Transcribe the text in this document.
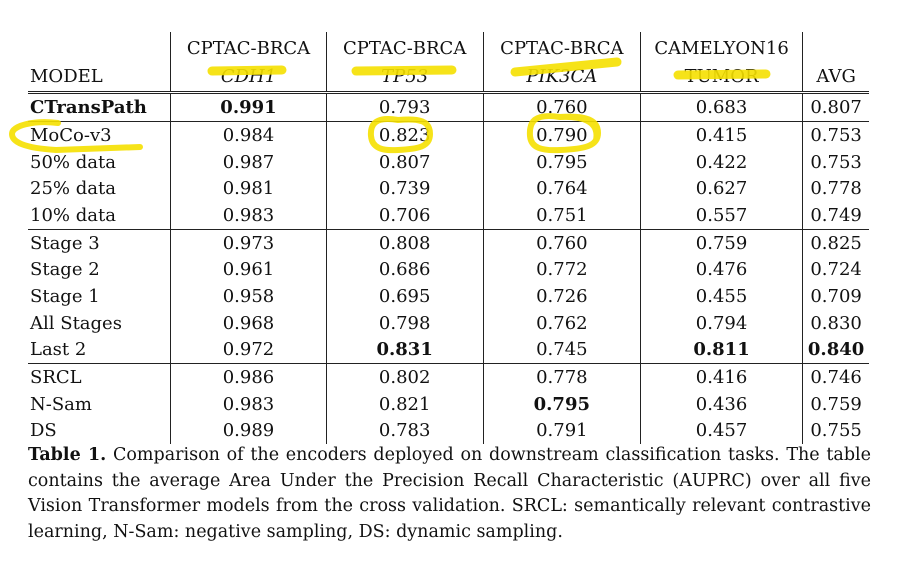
	CPTAC-BRCA	CPTAC-BRCA	CPTAC-BRCA	CAMELYON16	
MODEL	CDH1	TP53	PIK3CA	TUMOR	AVG
CTransPath	0.991	0.793	0.760	0.683	0.807
MoCo-v3	0.984	0.823	0.790	0.415	0.753
50% data	0.987	0.807	0.795	0.422	0.753
25% data	0.981	0.739	0.764	0.627	0.778
10% data	0.983	0.706	0.751	0.557	0.749
Stage 3	0.973	0.808	0.760	0.759	0.825
Stage 2	0.961	0.686	0.772	0.476	0.724
Stage 1	0.958	0.695	0.726	0.455	0.709
All Stages	0.968	0.798	0.762	0.794	0.830
Last 2	0.972	0.831	0.745	0.811	0.840
SRCL	0.986	0.802	0.778	0.416	0.746
N-Sam	0.983	0.821	0.795	0.436	0.759
DS	0.989	0.783	0.791	0.457	0.755
Table 1. Comparison of the encoders deployed on downstream classification tasks. The table contains the average Area Under the Precision Recall Characteristic (AUPRC) over all five Vision Transformer models from the cross validation. SRCL: semantically relevant contrastive learning, N-Sam: negative sampling, DS: dynamic sampling.
